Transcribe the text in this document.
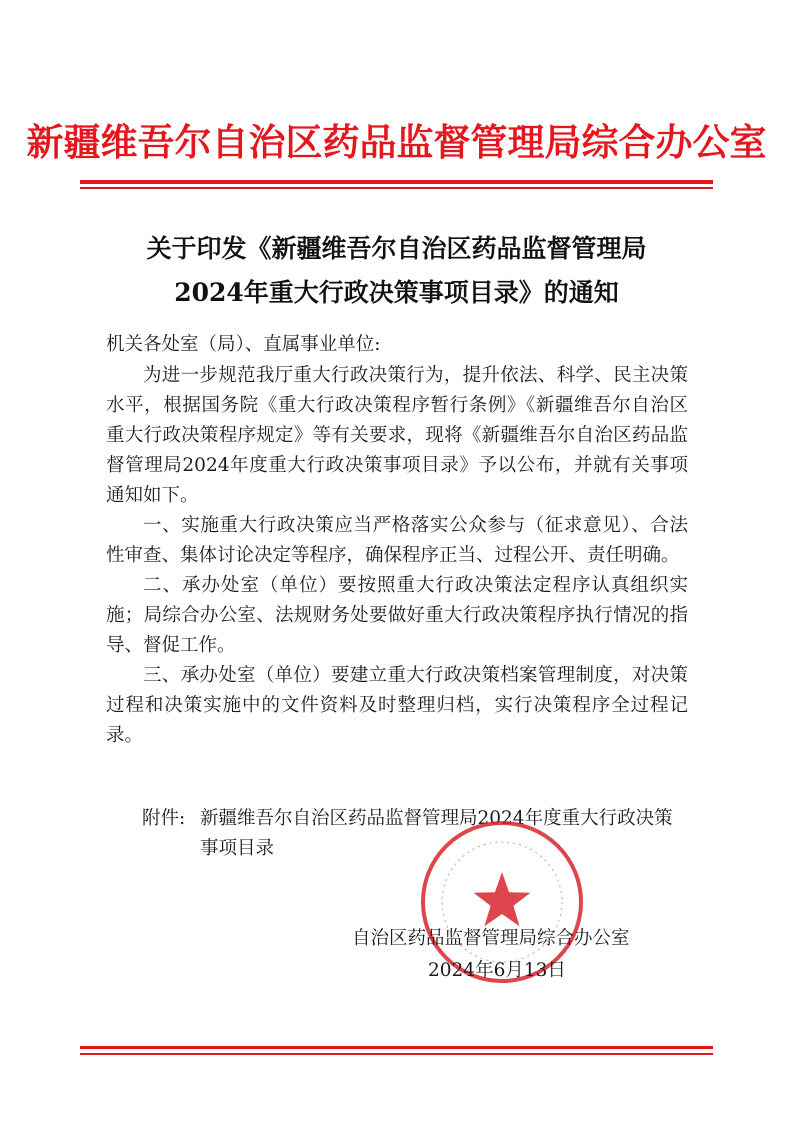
新疆维吾尔自治区药品监督管理局综合办公室
关于印发《新疆维吾尔自治区药品监督管理局
2024年重大行政决策事项目录》的通知
机关各处室（局）、直属事业单位:

为进一步规范我厅重大行政决策行为，提升依法、科学、民主决策水平，根据国务院《重大行政决策程序暂行条例》《新疆维吾尔自治区重大行政决策程序规定》等有关要求，现将《新疆维吾尔自治区药品监督管理局2024年度重大行政决策事项目录》予以公布，并就有关事项通知如下。

一、实施重大行政决策应当严格落实公众参与（征求意见）、合法性审查、集体讨论决定等程序，确保程序正当、过程公开、责任明确。

二、承办处室（单位）要按照重大行政决策法定程序认真组织实施；局综合办公室、法规财务处要做好重大行政决策程序执行情况的指导、督促工作。

三、承办处室（单位）要建立重大行政决策档案管理制度，对决策过程和决策实施中的文件资料及时整理归档，实行决策程序全过程记录。

附件: 新疆维吾尔自治区药品监督管理局2024年度重大行政决策事项目录
自治区药品监督管理局综合办公室
2024年6月13日
